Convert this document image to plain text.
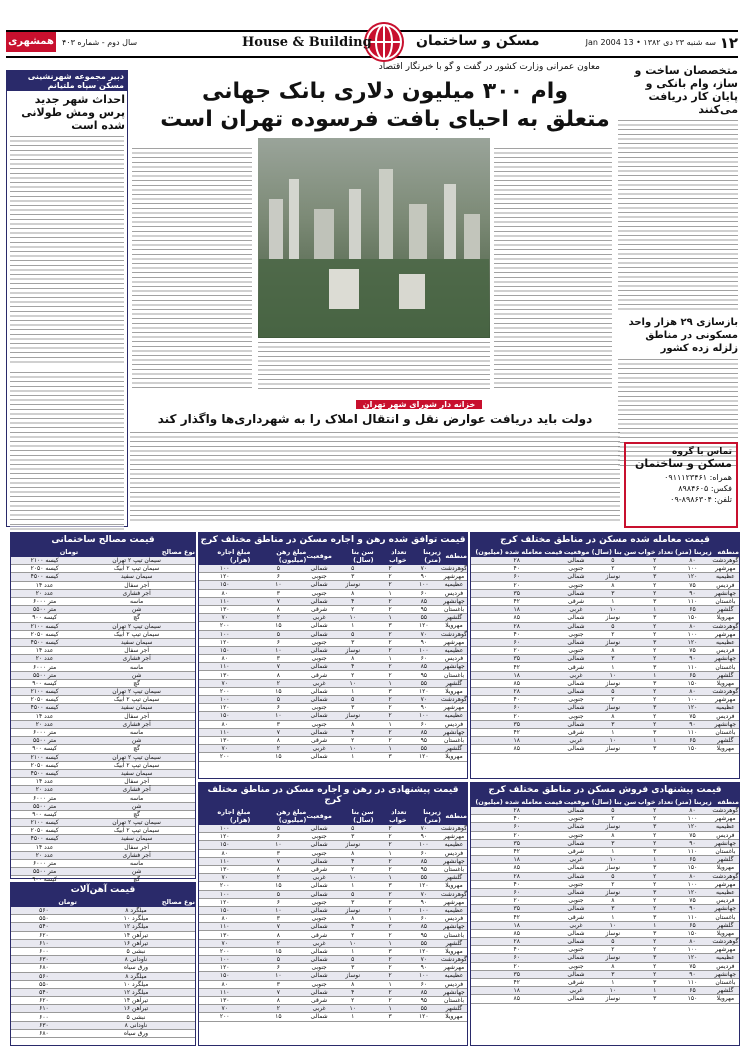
۱۲
سه شنبه ۲۳ دی ۱۳۸۲ • 13 Jan 2004
مسکن و ساختمان
House & Building
سال دوم - شماره ۴۰۳
همشهری
متخصصان ساخت و ساز، وام بانکی و پایان کار دریافت می‌کنند
بازسازی ۲۹ هزار واحد مسکونی در مناطق زلزله زده کشور
دبیر مجموعه شهرنشینی مسکن سپاه ملتیانم
احداث شهر جدید پرس ومش طولانی شده است
معاون عمرانی وزارت کشور در گفت و گو با خبرنگار اقتصاد
وام ۳۰۰ میلیون دلاری بانک جهانی
متعلق به احیای بافت فرسوده تهران است
خزانه دار شورای شهر تهران
دولت باید دریافت عوارض نقل و انتقال املاک را به شهرداری‌ها واگذار کند
تماس با گروه
مسکن و ساختمان
همراه: ۰۹۱۱۱۲۳۴۶۱
فکس: ۸۹۸۴۶۰۵
تلفن: ۸۹۸۶۳۰۴-۰۹
قیمت معامله شده مسکن در مناطق مختلف کرج
منطقه	زیربنا (متر)	تعداد خواب	سن بنا (سال)	موقعیت	قیمت معامله شده (میلیون)
گوهردشت	۸۰	۲	۵	شمالی	۲۸
مهرشهر	۱۰۰	۲	۲	جنوبی	۴۰
عظیمیه	۱۲۰	۳	نوساز	شمالی	۶۰
فردیس	۷۵	۲	۸	جنوبی	۲۰
جهانشهر	۹۰	۲	۳	شمالی	۳۵
باغستان	۱۱۰	۳	۱	شرقی	۴۲
گلشهر	۶۵	۱	۱۰	غربی	۱۸
مهرویلا	۱۵۰	۳	نوساز	شمالی	۸۵
گوهردشت	۸۰	۲	۵	شمالی	۲۸
مهرشهر	۱۰۰	۲	۲	جنوبی	۴۰
عظیمیه	۱۲۰	۳	نوساز	شمالی	۶۰
فردیس	۷۵	۲	۸	جنوبی	۲۰
جهانشهر	۹۰	۲	۳	شمالی	۳۵
باغستان	۱۱۰	۳	۱	شرقی	۴۲
گلشهر	۶۵	۱	۱۰	غربی	۱۸
مهرویلا	۱۵۰	۳	نوساز	شمالی	۸۵
گوهردشت	۸۰	۲	۵	شمالی	۲۸
مهرشهر	۱۰۰	۲	۲	جنوبی	۴۰
عظیمیه	۱۲۰	۳	نوساز	شمالی	۶۰
فردیس	۷۵	۲	۸	جنوبی	۲۰
جهانشهر	۹۰	۲	۳	شمالی	۳۵
باغستان	۱۱۰	۳	۱	شرقی	۴۲
گلشهر	۶۵	۱	۱۰	غربی	۱۸
مهرویلا	۱۵۰	۳	نوساز	شمالی	۸۵
قیمت توافق شده رهن و اجاره مسکن در مناطق مختلف کرج
منطقه	زیربنا (متر)	تعداد خواب	سن بنا (سال)	موقعیت	مبلغ رهن (میلیون)	مبلغ اجاره (هزار)
گوهردشت	۷۰	۲	۵	شمالی	۵	۱۰۰
مهرشهر	۹۰	۲	۳	جنوبی	۶	۱۲۰
عظیمیه	۱۰۰	۲	نوساز	شمالی	۱۰	۱۵۰
فردیس	۶۰	۱	۸	جنوبی	۳	۸۰
جهانشهر	۸۵	۲	۴	شمالی	۷	۱۱۰
باغستان	۹۵	۲	۲	شرقی	۸	۱۳۰
گلشهر	۵۵	۱	۱۰	غربی	۲	۷۰
مهرویلا	۱۲۰	۳	۱	شمالی	۱۵	۲۰۰
گوهردشت	۷۰	۲	۵	شمالی	۵	۱۰۰
مهرشهر	۹۰	۲	۳	جنوبی	۶	۱۲۰
عظیمیه	۱۰۰	۲	نوساز	شمالی	۱۰	۱۵۰
فردیس	۶۰	۱	۸	جنوبی	۳	۸۰
جهانشهر	۸۵	۲	۴	شمالی	۷	۱۱۰
باغستان	۹۵	۲	۲	شرقی	۸	۱۳۰
گلشهر	۵۵	۱	۱۰	غربی	۲	۷۰
مهرویلا	۱۲۰	۳	۱	شمالی	۱۵	۲۰۰
گوهردشت	۷۰	۲	۵	شمالی	۵	۱۰۰
مهرشهر	۹۰	۲	۳	جنوبی	۶	۱۲۰
عظیمیه	۱۰۰	۲	نوساز	شمالی	۱۰	۱۵۰
فردیس	۶۰	۱	۸	جنوبی	۳	۸۰
جهانشهر	۸۵	۲	۴	شمالی	۷	۱۱۰
باغستان	۹۵	۲	۲	شرقی	۸	۱۳۰
گلشهر	۵۵	۱	۱۰	غربی	۲	۷۰
مهرویلا	۱۲۰	۳	۱	شمالی	۱۵	۲۰۰
قیمت مصالح ساختمانی
نوع مصالح	تومان
سیمان تیپ ۲ تهران	کیسه ۲۱۰۰
سیمان تیپ ۲ آبیک	کیسه ۲۰۵۰
سیمان سفید	کیسه ۴۵۰۰
آجر سفال	عدد ۱۴
آجر فشاری	عدد ۲۰
ماسه	متر ۶۰۰۰
شن	متر ۵۵۰۰
گچ	کیسه ۹۰۰
سیمان تیپ ۲ تهران	کیسه ۲۱۰۰
سیمان تیپ ۲ آبیک	کیسه ۲۰۵۰
سیمان سفید	کیسه ۴۵۰۰
آجر سفال	عدد ۱۴
آجر فشاری	عدد ۲۰
ماسه	متر ۶۰۰۰
شن	متر ۵۵۰۰
گچ	کیسه ۹۰۰
سیمان تیپ ۲ تهران	کیسه ۲۱۰۰
سیمان تیپ ۲ آبیک	کیسه ۲۰۵۰
سیمان سفید	کیسه ۴۵۰۰
آجر سفال	عدد ۱۴
آجر فشاری	عدد ۲۰
ماسه	متر ۶۰۰۰
شن	متر ۵۵۰۰
گچ	کیسه ۹۰۰
سیمان تیپ ۲ تهران	کیسه ۲۱۰۰
سیمان تیپ ۲ آبیک	کیسه ۲۰۵۰
سیمان سفید	کیسه ۴۵۰۰
آجر سفال	عدد ۱۴
آجر فشاری	عدد ۲۰
ماسه	متر ۶۰۰۰
شن	متر ۵۵۰۰
گچ	کیسه ۹۰۰
سیمان تیپ ۲ تهران	کیسه ۲۱۰۰
سیمان تیپ ۲ آبیک	کیسه ۲۰۵۰
سیمان سفید	کیسه ۴۵۰۰
آجر سفال	عدد ۱۴
آجر فشاری	عدد ۲۰
ماسه	متر ۶۰۰۰
شن	متر ۵۵۰۰
گچ	کیسه ۹۰۰
قیمت پیشنهادی فروش مسکن در مناطق مختلف کرج
منطقه	زیربنا (متر)	تعداد خواب	سن بنا (سال)	موقعیت	قیمت معامله شده (میلیون)
گوهردشت	۸۰	۲	۵	شمالی	۲۸
مهرشهر	۱۰۰	۲	۲	جنوبی	۴۰
عظیمیه	۱۲۰	۳	نوساز	شمالی	۶۰
فردیس	۷۵	۲	۸	جنوبی	۲۰
جهانشهر	۹۰	۲	۳	شمالی	۳۵
باغستان	۱۱۰	۳	۱	شرقی	۴۲
گلشهر	۶۵	۱	۱۰	غربی	۱۸
مهرویلا	۱۵۰	۳	نوساز	شمالی	۸۵
گوهردشت	۸۰	۲	۵	شمالی	۲۸
مهرشهر	۱۰۰	۲	۲	جنوبی	۴۰
عظیمیه	۱۲۰	۳	نوساز	شمالی	۶۰
فردیس	۷۵	۲	۸	جنوبی	۲۰
جهانشهر	۹۰	۲	۳	شمالی	۳۵
باغستان	۱۱۰	۳	۱	شرقی	۴۲
گلشهر	۶۵	۱	۱۰	غربی	۱۸
مهرویلا	۱۵۰	۳	نوساز	شمالی	۸۵
گوهردشت	۸۰	۲	۵	شمالی	۲۸
مهرشهر	۱۰۰	۲	۲	جنوبی	۴۰
عظیمیه	۱۲۰	۳	نوساز	شمالی	۶۰
فردیس	۷۵	۲	۸	جنوبی	۲۰
جهانشهر	۹۰	۲	۳	شمالی	۳۵
باغستان	۱۱۰	۳	۱	شرقی	۴۲
گلشهر	۶۵	۱	۱۰	غربی	۱۸
مهرویلا	۱۵۰	۳	نوساز	شمالی	۸۵
قیمت پیشنهادی در رهن و اجاره مسکن در مناطق مختلف کرج
منطقه	زیربنا (متر)	تعداد خواب	سن بنا (سال)	موقعیت	مبلغ رهن (میلیون)	مبلغ اجاره (هزار)
گوهردشت	۷۰	۲	۵	شمالی	۵	۱۰۰
مهرشهر	۹۰	۲	۳	جنوبی	۶	۱۲۰
عظیمیه	۱۰۰	۲	نوساز	شمالی	۱۰	۱۵۰
فردیس	۶۰	۱	۸	جنوبی	۳	۸۰
جهانشهر	۸۵	۲	۴	شمالی	۷	۱۱۰
باغستان	۹۵	۲	۲	شرقی	۸	۱۳۰
گلشهر	۵۵	۱	۱۰	غربی	۲	۷۰
مهرویلا	۱۲۰	۳	۱	شمالی	۱۵	۲۰۰
گوهردشت	۷۰	۲	۵	شمالی	۵	۱۰۰
مهرشهر	۹۰	۲	۳	جنوبی	۶	۱۲۰
عظیمیه	۱۰۰	۲	نوساز	شمالی	۱۰	۱۵۰
فردیس	۶۰	۱	۸	جنوبی	۳	۸۰
جهانشهر	۸۵	۲	۴	شمالی	۷	۱۱۰
باغستان	۹۵	۲	۲	شرقی	۸	۱۳۰
گلشهر	۵۵	۱	۱۰	غربی	۲	۷۰
مهرویلا	۱۲۰	۳	۱	شمالی	۱۵	۲۰۰
گوهردشت	۷۰	۲	۵	شمالی	۵	۱۰۰
مهرشهر	۹۰	۲	۳	جنوبی	۶	۱۲۰
عظیمیه	۱۰۰	۲	نوساز	شمالی	۱۰	۱۵۰
فردیس	۶۰	۱	۸	جنوبی	۳	۸۰
جهانشهر	۸۵	۲	۴	شمالی	۷	۱۱۰
باغستان	۹۵	۲	۲	شرقی	۸	۱۳۰
گلشهر	۵۵	۱	۱۰	غربی	۲	۷۰
مهرویلا	۱۲۰	۳	۱	شمالی	۱۵	۲۰۰
قیمت آهن‌آلات
نوع مصالح	تومان
میلگرد ۸	۵۶۰
میلگرد ۱۰	۵۵۰
میلگرد ۱۲	۵۴۰
تیرآهن ۱۴	۶۲۰
تیرآهن ۱۶	۶۱۰
نبشی ۵	۶۰۰
ناودانی ۸	۶۳۰
ورق سیاه	۶۸۰
میلگرد ۸	۵۶۰
میلگرد ۱۰	۵۵۰
میلگرد ۱۲	۵۴۰
تیرآهن ۱۴	۶۲۰
تیرآهن ۱۶	۶۱۰
نبشی ۵	۶۰۰
ناودانی ۸	۶۳۰
ورق سیاه	۶۸۰
